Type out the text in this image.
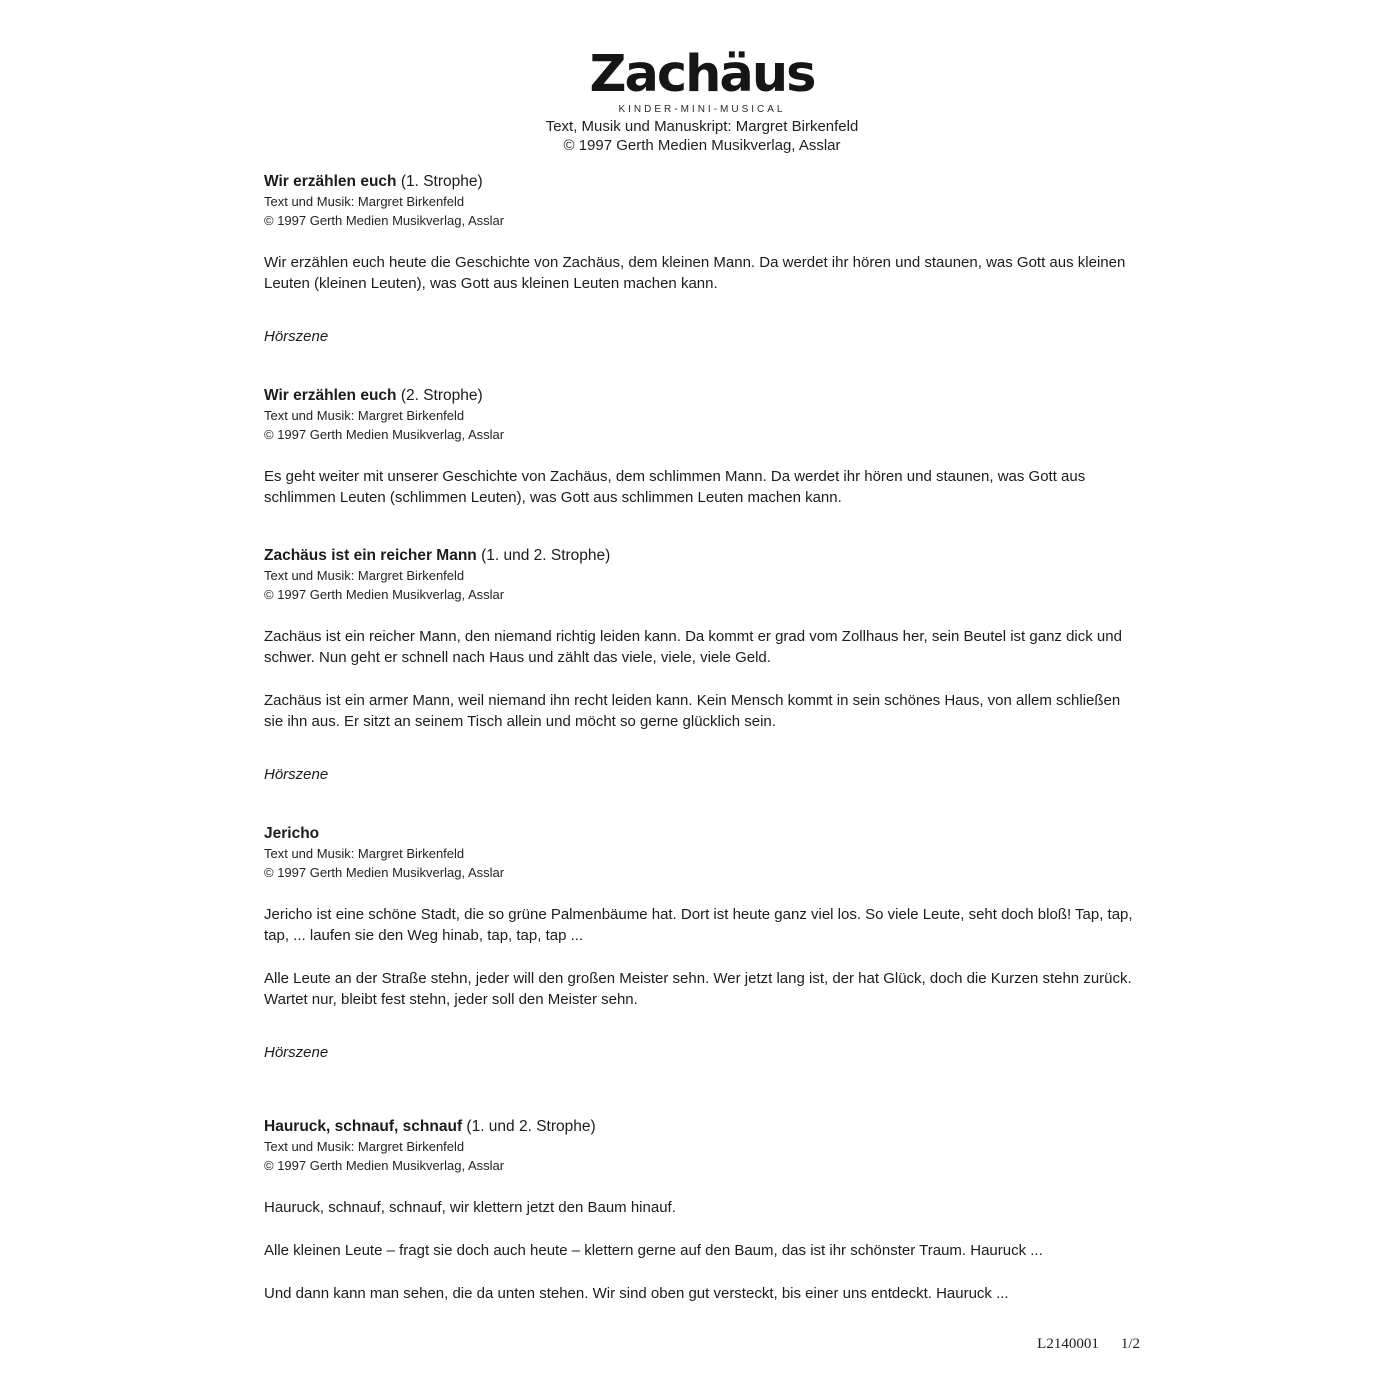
Zachäus
KINDER-MINI-MUSICAL
Text, Musik und Manuskript: Margret Birkenfeld
© 1997 Gerth Medien Musikverlag, Asslar
Wir erzählen euch (1. Strophe)
Text und Musik: Margret Birkenfeld
© 1997 Gerth Medien Musikverlag, Asslar

Wir erzählen euch heute die Geschichte von Zachäus, dem kleinen Mann. Da werdet ihr hören und staunen, was Gott aus kleinen Leuten (kleinen Leuten), was Gott aus kleinen Leuten machen kann.

Hörszene
Wir erzählen euch (2. Strophe)
Text und Musik: Margret Birkenfeld
© 1997 Gerth Medien Musikverlag, Asslar

Es geht weiter mit unserer Geschichte von Zachäus, dem schlimmen Mann. Da werdet ihr hören und staunen, was Gott aus schlimmen Leuten (schlimmen Leuten), was Gott aus schlimmen Leuten machen kann.

Zachäus ist ein reicher Mann (1. und 2. Strophe)
Text und Musik: Margret Birkenfeld
© 1997 Gerth Medien Musikverlag, Asslar

Zachäus ist ein reicher Mann, den niemand richtig leiden kann. Da kommt er grad vom Zollhaus her, sein Beutel ist ganz dick und schwer. Nun geht er schnell nach Haus und zählt das viele, viele, viele Geld.

Zachäus ist ein armer Mann, weil niemand ihn recht leiden kann. Kein Mensch kommt in sein schönes Haus, von allem schließen sie ihn aus. Er sitzt an seinem Tisch allein und möcht so gerne glücklich sein.

Hörszene
Jericho
Text und Musik: Margret Birkenfeld
© 1997 Gerth Medien Musikverlag, Asslar

Jericho ist eine schöne Stadt, die so grüne Palmenbäume hat. Dort ist heute ganz viel los. So viele Leute, seht doch bloß! Tap, tap, tap, ... laufen sie den Weg hinab, tap, tap, tap ...

Alle Leute an der Straße stehn, jeder will den großen Meister sehn. Wer jetzt lang ist, der hat Glück, doch die Kurzen stehn zurück. Wartet nur, bleibt fest stehn, jeder soll den Meister sehn.

Hörszene
Hauruck, schnauf, schnauf (1. und 2. Strophe)
Text und Musik: Margret Birkenfeld
© 1997 Gerth Medien Musikverlag, Asslar

Hauruck, schnauf, schnauf, wir klettern jetzt den Baum hinauf.

Alle kleinen Leute – fragt sie doch auch heute – klettern gerne auf den Baum, das ist ihr schönster Traum. Hauruck ...

Und dann kann man sehen, die da unten stehen. Wir sind oben gut versteckt, bis einer uns entdeckt. Hauruck ...

L2140001 1/2
